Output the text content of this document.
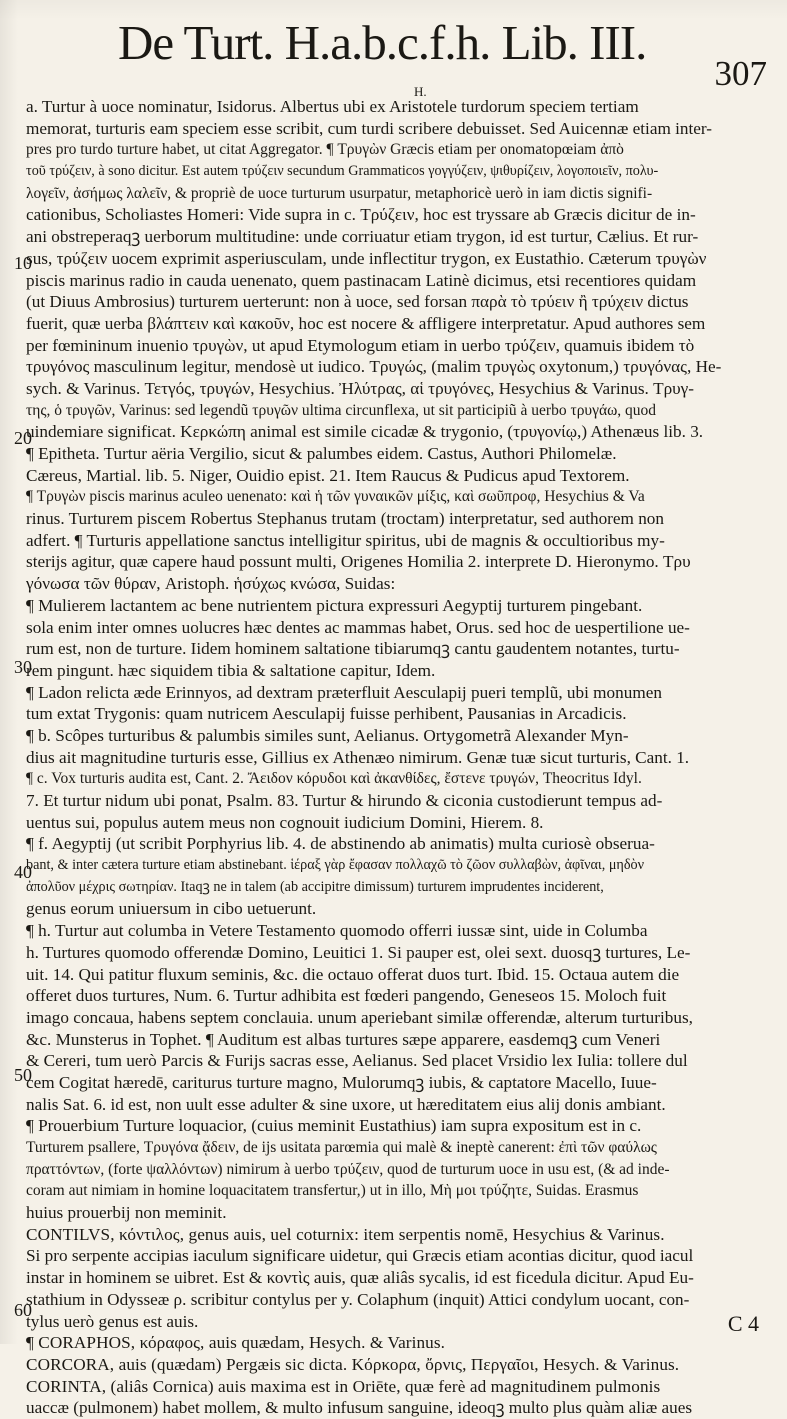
De Turt. H.a.b.c.f.h. Lib. III.
307
H.
10
20
30
40
50
60
a. Turtur à uoce nominatur, Isidorus. Albertus ubi ex Aristotele turdorum speciem tertiam
memorat, turturis eam speciem esse scribit, cum turdi scribere debuisset. Sed Auicennæ etiam inter-
pres pro turdo turture habet, ut citat Aggregator. ¶ Τρυγὼν Græcis etiam per onomatopœiam ἀπὸ
τοῦ τρύζειν, à sono dicitur. Est autem τρύζειν secundum Grammaticos γογγύζειν, ψιθυρίζειν, λογοποιεῖν, πολυ-
λογεῖν, ἀσήμως λαλεῖν, & propriè de uoce turturum usurpatur, metaphoricè uerò in iam dictis signifi-
cationibus, Scholiastes Homeri: Vide supra in c. Τρύζειν, hoc est tryssare ab Græcis dicitur de in-
ani obstreperaqꝫ uerborum multitudine: unde corriuatur etiam trygon, id est turtur, Cælius. Et rur-
sus, τρύζειν uocem exprimit asperiusculam, unde inflectitur trygon, ex Eustathio. Cæterum τρυγὼν
piscis marinus radio in cauda uenenato, quem pastinacam Latinè dicimus, etsi recentiores quidam
(ut Diuus Ambrosius) turturem uerterunt: non à uoce, sed forsan παρὰ τὸ τρύειν ἢ τρύχειν dictus
fuerit, quæ uerba βλάπτειν καὶ κακοῦν, hoc est nocere & affligere interpretatur. Apud authores sem
per fœmininum inuenio τρυγὼν, ut apud Etymologum etiam in uerbo τρύζειν, quamuis ibidem τὸ
τρυγόνος masculinum legitur, mendosè ut iudico. Τρυγώς, (malim τρυγὼς oxytonum,) τρυγόνας, He-
sych. & Varinus. Τετγός, τρυγών, Hesychius. Ἠλύτρας, αἱ τρυγόνες, Hesychius & Varinus. Τρυγ-
της, ὁ τρυγῶν, Varinus: sed legendũ τρυγῶν ultima circunflexa, ut sit participiũ à uerbo τρυγάω, quod
uindemiare significat. Κερκώπη animal est simile cicadæ & trygonio, (τρυγονίῳ,) Athenæus lib. 3.
¶ Epitheta. Turtur aëria Vergilio, sicut & palumbes eidem. Castus, Authori Philomelæ.
Cæreus, Martial. lib. 5. Niger, Ouidio epist. 21. Item Raucus & Pudicus apud Textorem.
¶ Τρυγὼν piscis marinus aculeo uenenato: καὶ ἡ τῶν γυναικῶν μίξις, καὶ σωῦπροφ, Hesychius & Va
rinus. Turturem piscem Robertus Stephanus trutam (troctam) interpretatur, sed authorem non
adfert. ¶ Turturis appellatione sanctus intelligitur spiritus, ubi de magnis & occultioribus my-
sterijs agitur, quæ capere haud possunt multi, Origenes Homilia 2. interprete D. Hieronymo. Τρυ
γόνωσα τῶν θύραν, Aristoph. ἡσύχως κνώσα, Suidas:
¶ Mulierem lactantem ac bene nutrientem pictura expressuri Aegyptij turturem pingebant.
sola enim inter omnes uolucres hæc dentes ac mammas habet, Orus. sed hoc de uespertilione ue-
rum est, non de turture. Iidem hominem saltatione tibiarumqꝫ cantu gaudentem notantes, turtu-
rem pingunt. hæc siquidem tibia & saltatione capitur, Idem.
¶ Ladon relicta æde Erinnyos, ad dextram præterfluit Aesculapij pueri templũ, ubi monumen
tum extat Trygonis: quam nutricem Aesculapij fuisse perhibent, Pausanias in Arcadicis.
¶ b. Scôpes turturibus & palumbis similes sunt, Aelianus. Ortygometrã Alexander Myn-
dius ait magnitudine turturis esse, Gillius ex Athenæo nimirum. Genæ tuæ sicut turturis, Cant. 1.
¶ c. Vox turturis audita est, Cant. 2. Ἄειδον κόρυδοι καὶ ἀκανθίδες, ἔστενε τρυγών, Theocritus Idyl.
7. Et turtur nidum ubi ponat, Psalm. 83. Turtur & hirundo & ciconia custodierunt tempus ad-
uentus sui, populus autem meus non cognouit iudicium Domini, Hierem. 8.
¶ f. Aegyptij (ut scribit Porphyrius lib. 4. de abstinendo ab animatis) multa curiosè obserua-
bant, & inter cætera turture etiam abstinebant. ἱέραξ γὰρ ἔφασαν πολλαχῶ τὸ ζῶον συλλαβὼν, ἀφῖναι, μηδὸν
ἀπολῦον μέχρις σωτηρίαν. Itaqꝫ ne in talem (ab accipitre dimissum) turturem imprudentes inciderent,
genus eorum uniuersum in cibo uetuerunt.
¶ h. Turtur aut columba in Vetere Testamento quomodo offerri iussæ sint, uide in Columba
h. Turtures quomodo offerendæ Domino, Leuitici 1. Si pauper est, olei sext. duosqꝫ turtures, Le-
uit. 14. Qui patitur fluxum seminis, &c. die octauo offerat duos turt. Ibid. 15. Octaua autem die
offeret duos turtures, Num. 6. Turtur adhibita est fœderi pangendo, Geneseos 15. Moloch fuit
imago concaua, habens septem conclauia. unum aperiebant similæ offerendæ, alterum turturibus,
&c. Munsterus in Tophet. ¶ Auditum est albas turtures sæpe apparere, easdemqꝫ cum Veneri
& Cereri, tum uerò Parcis & Furijs sacras esse, Aelianus. Sed placet Vrsidio lex Iulia: tollere dul
cem Cogitat hæredē, cariturus turture magno, Mulorumqꝫ iubis, & captatore Macello, Iuue-
nalis Sat. 6. id est, non uult esse adulter & sine uxore, ut hæreditatem eius alij donis ambiant.
¶ Prouerbium Turture loquacior, (cuius meminit Eustathius) iam supra expositum est in c.
Turturem psallere, Τρυγόνα ᾄδειν, de ijs usitata parœmia qui malè & ineptè canerent: ἐπὶ τῶν φαύλως
πραττόντων, (forte ψαλλόντων) nimirum à uerbo τρύζειν, quod de turturum uoce in usu est, (& ad inde-
coram aut nimiam in homine loquacitatem transfertur,) ut in illo, Μὴ μοι τρύζητε, Suidas. Erasmus
huius prouerbij non meminit.
CONTILVS, κόντιλος, genus auis, uel coturnix: item serpentis nomē, Hesychius & Varinus.
Si pro serpente accipias iaculum significare uidetur, qui Græcis etiam acontias dicitur, quod iacul
instar in hominem se uibret. Est & κοντὶς auis, quæ aliâs sycalis, id est ficedula dicitur. Apud Eu-
stathium in Odysseæ ρ. scribitur contylus per y. Colaphum (inquit) Attici condylum uocant, con-
tylus uerò genus est auis.
¶ CORAPHOS, κόραφος, auis quædam, Hesych. & Varinus.
CORCORA, auis (quædam) Pergæis sic dicta. Κόρκορα, ὄρνις, Περγαῖοι, Hesych. & Varinus.
CORINTA, (aliâs Cornica) auis maxima est in Oriēte, quæ ferè ad magnitudinem pulmonis
uaccæ (pulmonem) habet mollem, & multo infusum sanguine, ideoqꝫ multo plus quàm aliæ aues
C 4
